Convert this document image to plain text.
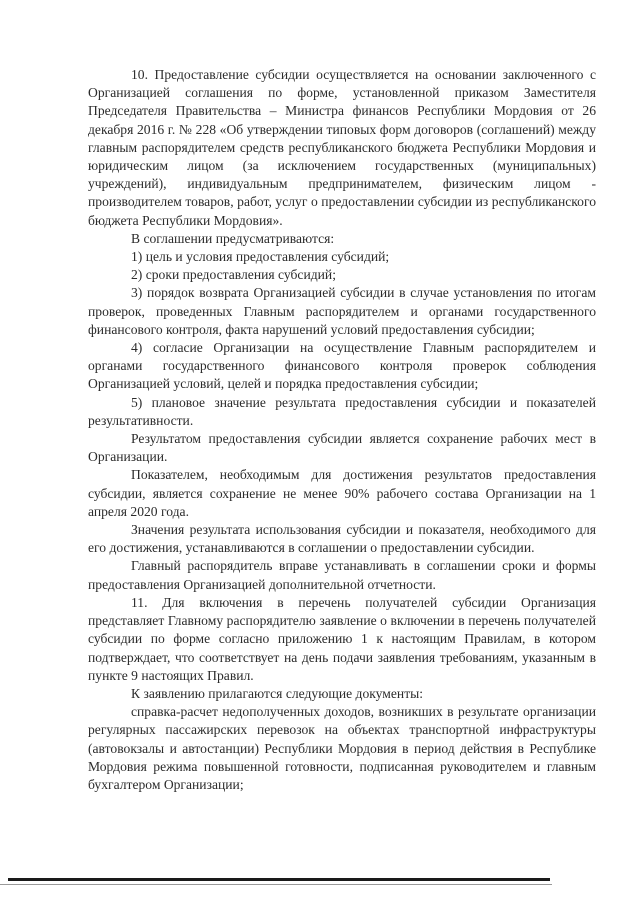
10. Предоставление субсидии осуществляется на основании заключенного с Организацией соглашения по форме, установленной приказом Заместителя Председателя Правительства – Министра финансов Республики Мордовия от 26 декабря 2016 г. № 228 «Об утверждении типовых форм договоров (соглашений) между главным распорядителем средств республиканского бюджета Республики Мордовия и юридическим лицом (за исключением государственных (муниципальных) учреждений), индивидуальным предпринимателем, физическим лицом - производителем товаров, работ, услуг о предоставлении субсидии из республиканского бюджета Республики Мордовия».

В соглашении предусматриваются:

1) цель и условия предоставления субсидий;

2) сроки предоставления субсидий;

3) порядок возврата Организацией субсидии в случае установления по итогам проверок, проведенных Главным распорядителем и органами государственного финансового контроля, факта нарушений условий предоставления субсидии;

4) согласие Организации на осуществление Главным распорядителем и органами государственного финансового контроля проверок соблюдения Организацией условий, целей и порядка предоставления субсидии;

5) плановое значение результата предоставления субсидии и показателей результативности.

Результатом предоставления субсидии является сохранение рабочих мест в Организации.

Показателем, необходимым для достижения результатов предоставления субсидии, является сохранение не менее 90% рабочего состава Организации на 1 апреля 2020 года.

Значения результата использования субсидии и показателя, необходимого для его достижения, устанавливаются в соглашении о предоставлении субсидии.

Главный распорядитель вправе устанавливать в соглашении сроки и формы предоставления Организацией дополнительной отчетности.

11. Для включения в перечень получателей субсидии Организация представляет Главному распорядителю заявление о включении в перечень получателей субсидии по форме согласно приложению 1 к настоящим Правилам, в котором подтверждает, что соответствует на день подачи заявления требованиям, указанным в пункте 9 настоящих Правил.

К заявлению прилагаются следующие документы:

справка-расчет недополученных доходов, возникших в результате организации регулярных пассажирских перевозок на объектах транспортной инфраструктуры (автовокзалы и автостанции) Республики Мордовия в период действия в Республике Мордовия режима повышенной готовности, подписанная руководителем и главным бухгалтером Организации;
